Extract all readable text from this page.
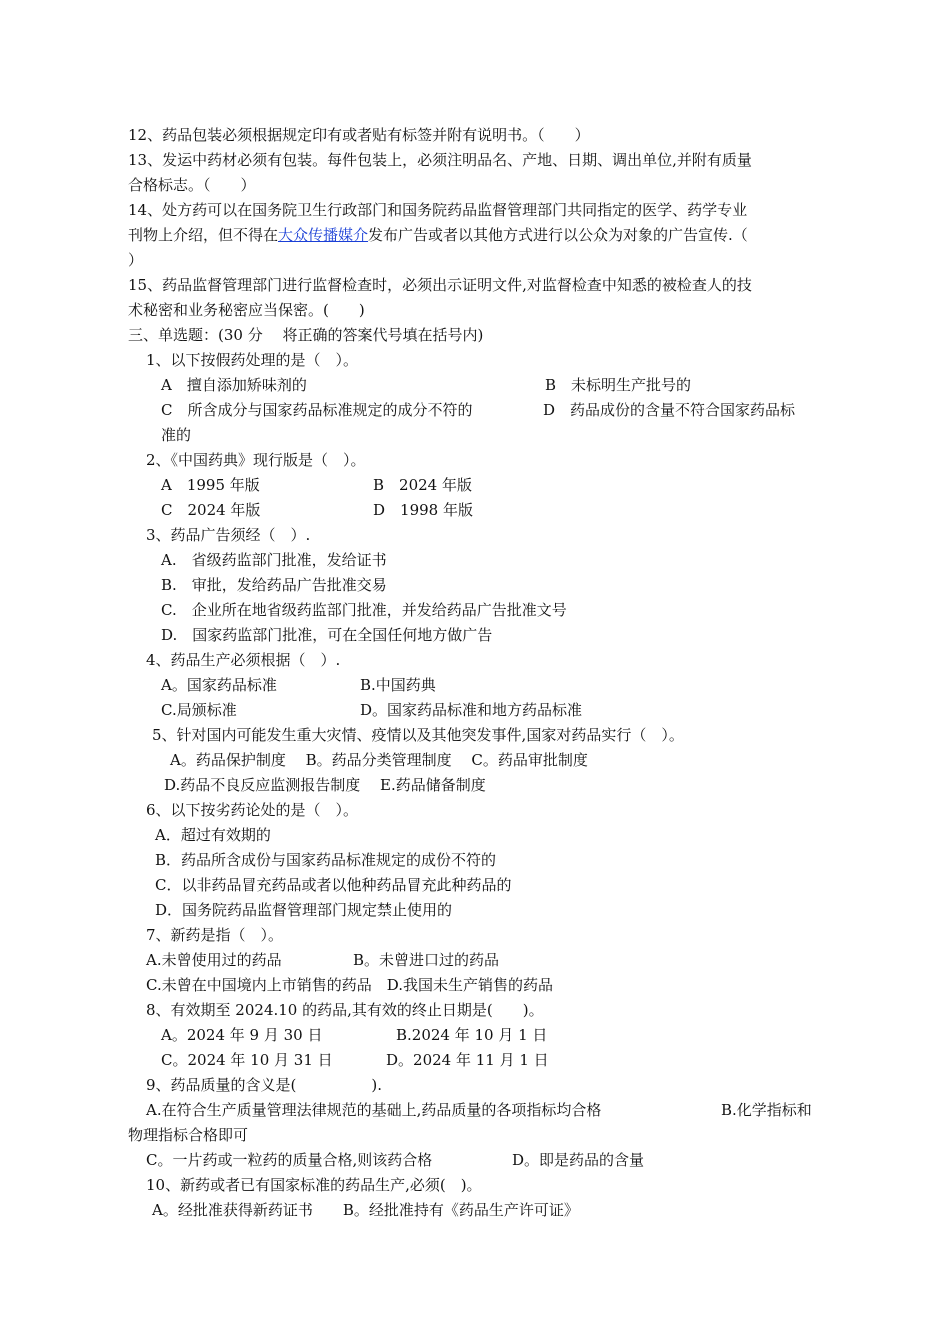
12、药品包装必须根据规定印有或者贴有标签并附有说明书。（　　）
13、发运中药材必须有包装。每件包装上，必须注明品名、产地、日期、调出单位,并附有质量
合格标志。（　　）
14、处方药可以在国务院卫生行政部门和国务院药品监督管理部门共同指定的医学、药学专业
刊物上介绍，但不得在大众传播媒介发布广告或者以其他方式进行以公众为对象的广告宣传.（
）
15、药品监督管理部门进行监督检查时，必须出示证明文件,对监督检查中知悉的被检查人的技
术秘密和业务秘密应当保密。(　　)
三、单选题：(30 分　 将正确的答案代号填在括号内)
1、以下按假药处理的是（　）。
A　擅自添加矫味剂的	B　未标明生产批号的
C　所含成分与国家药品标准规定的成分不符的	D　药品成份的含量不符合国家药品标
准的
2、《中国药典》现行版是（　）。
A　1995 年版	B　2024 年版
C　2024 年版	D　1998 年版
3、药品广告须经（　）.
A.　省级药监部门批准，发给证书
B.　审批，发给药品广告批准交易
C.　企业所在地省级药监部门批准，并发给药品广告批准文号
D.　国家药监部门批准，可在全国任何地方做广告
4、药品生产必须根据（　）.
A。国家药品标准	B.中国药典
C.局颁标准	D。国家药品标准和地方药品标准
5、针对国内可能发生重大灾情、疫情以及其他突发事件,国家对药品实行（　）。
A。药品保护制度　 B。药品分类管理制度　 C。药品审批制度
D.药品不良反应监测报告制度　 E.药品储备制度
6、以下按劣药论处的是（　）。
A．超过有效期的
B．药品所含成份与国家药品标准规定的成份不符的
C．以非药品冒充药品或者以他种药品冒充此种药品的
D．国务院药品监督管理部门规定禁止使用的
7、新药是指（　）。
A.未曾使用过的药品	B。未曾进口过的药品
C.未曾在中国境内上市销售的药品　D.我国未生产销售的药品
8、有效期至 2024.10 的药品,其有效的终止日期是(　　)。
A。2024 年 9 月 30 日	B.2024 年 10 月 1 日
C。2024 年 10 月 31 日	D。2024 年 11 月 1 日
9、药品质量的含义是(　　　　　).
A.在符合生产质量管理法律规范的基础上,药品质量的各项指标均合格	B.化学指标和
物理指标合格即可
C。一片药或一粒药的质量合格,则该药合格	D。即是药品的含量
10、新药或者已有国家标准的药品生产,必须(　)。
A。经批准获得新药证书　　B。经批准持有《药品生产许可证》
